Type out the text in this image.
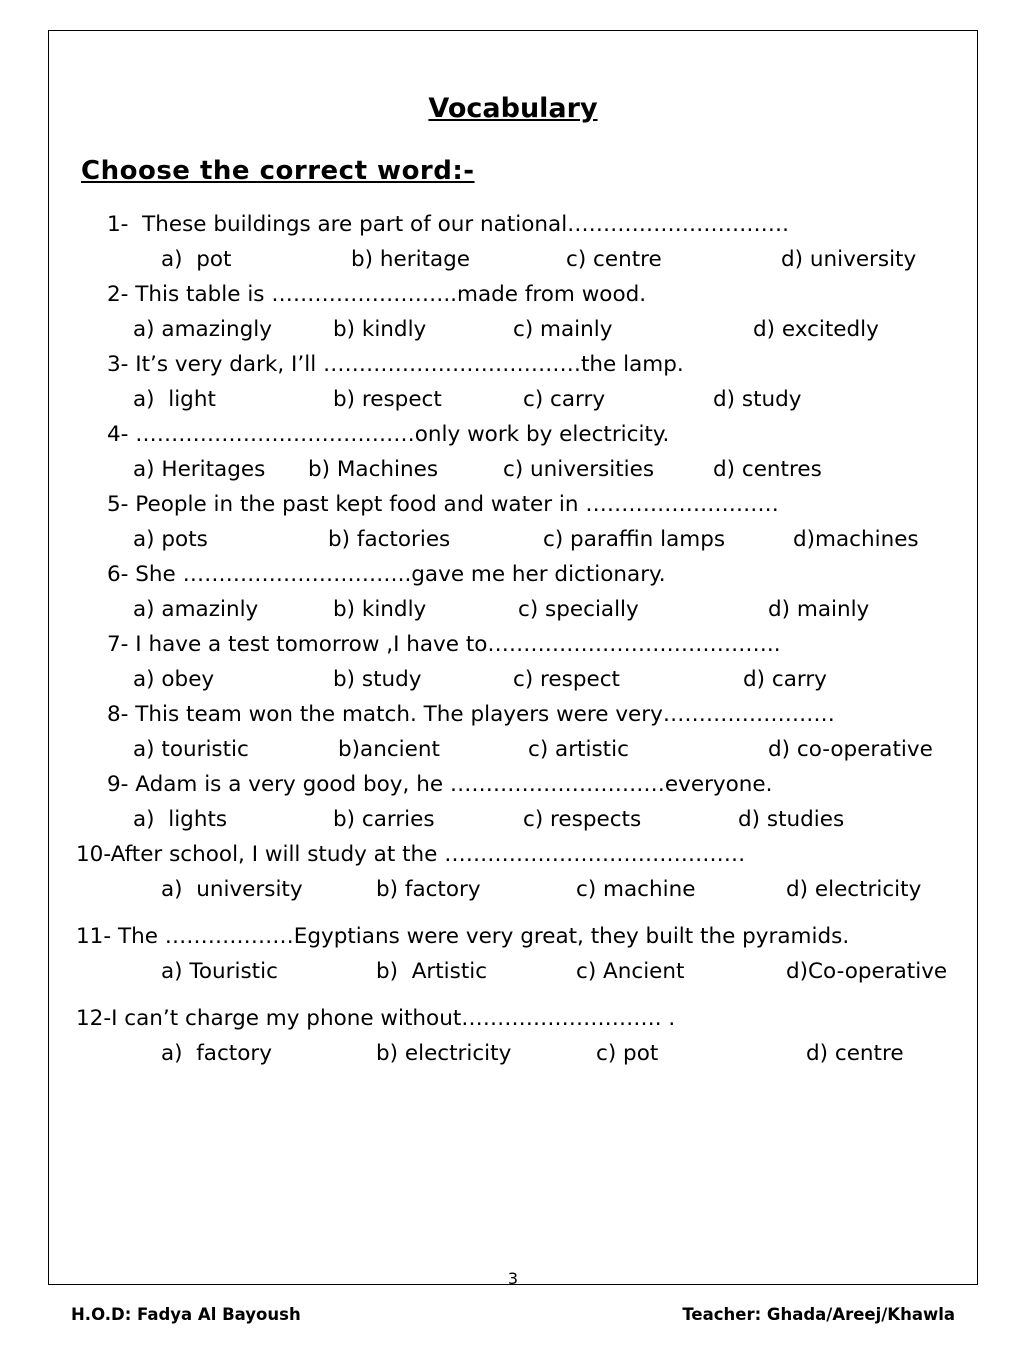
Vocabulary
Choose the correct word:-
1-  These buildings are part of our national………………………….
a)  pot	b) heritage	c) centre	d) university
2- This table is ……………………..made from wood.
a) amazingly	b) kindly	c) mainly	d) excitedly
3- It’s very dark, I’ll ………………………………the lamp.
a)  light	b) respect	c) carry	d) study
4- …………………………………only work by electricity.
a) Heritages	b) Machines	c) universities	d) centres
5- People in the past kept food and water in ………………………
a) pots	b) factories	c) paraffin lamps	d)machines
6- She …………………………..gave me her dictionary.
a) amazinly	b) kindly	c) specially	d) mainly
7- I have a test tomorrow ,I have to…………………………………..
a) obey	b) study	c) respect	d) carry
8- This team won the match. The players were very……………………
a) touristic	b)ancient	c) artistic	d) co-operative
9- Adam is a very good boy, he …………………………everyone.
a)  lights	b) carries	c) respects	d) studies
10-After school, I will study at the ……………………………………
a)  university	b) factory	c) machine	d) electricity
11- The ………………Egyptians were very great, they built the pyramids.
a) Touristic	b)  Artistic	c) Ancient	d)Co-operative
12-I can’t charge my phone without………………………. .
a)  factory	b) electricity	c) pot	d) centre
3
H.O.D: Fadya Al Bayoush	Teacher: Ghada/Areej/Khawla
